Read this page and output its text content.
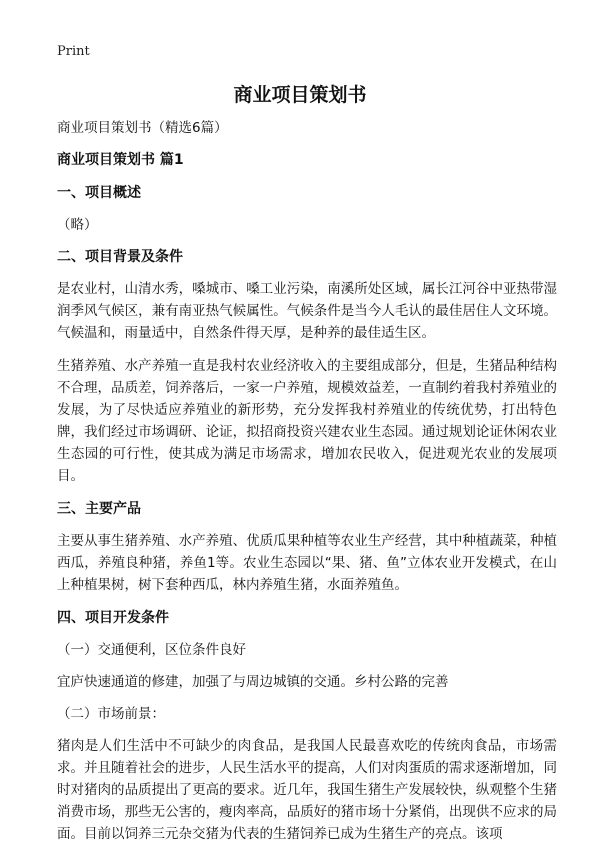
Print
商业项目策划书

商业项目策划书（精选6篇）

商业项目策划书 篇1
一、项目概述

（略）

二、项目背景及条件

是农业村，山清水秀，嗓城市、嗓工业污染，南溪所处区域，属长江河谷中亚热带湿润季风气候区，兼有南亚热气候属性。气候条件是当今人毛认的最佳居住人文环境。气候温和，雨量适中，自然条件得天厚，是种养的最佳适生区。

生猪养殖、水产养殖一直是我村农业经济收入的主要组成部分，但是，生猪品种结构不合理，品质差，饲养落后，一家一户养殖，规模效益差，一直制约着我村养殖业的发展，为了尽快适应养殖业的新形势，充分发挥我村养殖业的传统优势，打出特色牌，我们经过市场调研、论证，拟招商投资兴建农业生态园。通过规划论证休闲农业生态园的可行性，使其成为满足市场需求，增加农民收入，促进观光农业的发展项目。

三、主要产品

主要从事生猪养殖、水产养殖、优质瓜果种植等农业生产经营，其中种植蔬菜，种植西瓜，养殖良种猪，养鱼1等。农业生态园以“果、猪、鱼”立体农业开发模式，在山上种植果树，树下套种西瓜，林内养殖生猪，水面养殖鱼。

四、项目开发条件

（一）交通便利，区位条件良好

宜庐快速通道的修建，加强了与周边城镇的交通。乡村公路的完善

（二）市场前景：

猪肉是人们生活中不可缺少的肉食品，是我国人民最喜欢吃的传统肉食品，市场需求。并且随着社会的进步，人民生活水平的提高，人们对肉蛋质的需求逐渐增加，同时对猪肉的品质提出了更高的要求。近几年，我国生猪生产发展较快，纵观整个生猪消费市场，那些无公害的，瘦肉率高，品质好的猪市场十分紧俏，出现供不应求的局面。目前以饲养三元杂交猪为代表的生猪饲养已成为生猪生产的亮点。该项
